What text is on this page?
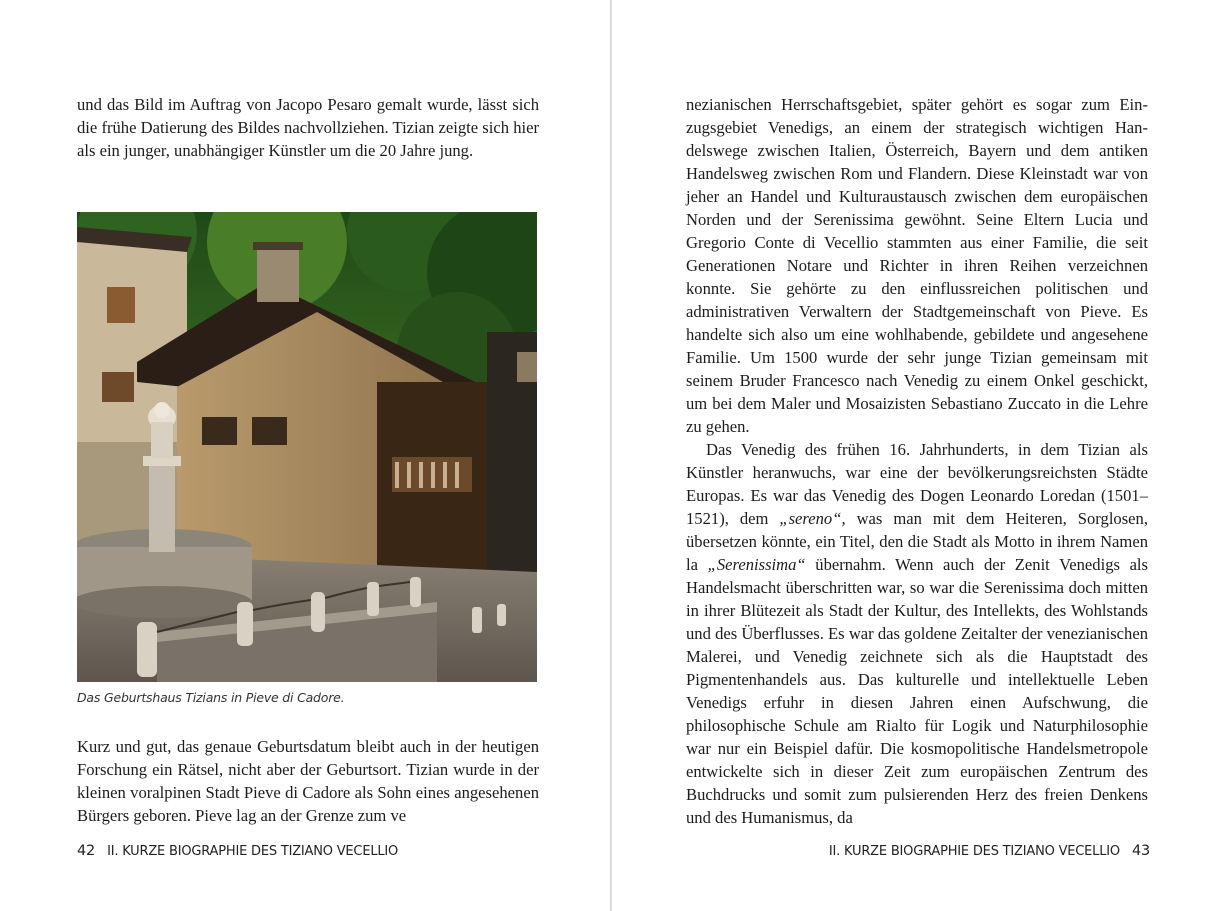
und das Bild im Auftrag von Jacopo Pesaro gemalt wurde, lässt sich die frühe Datierung des Bildes nachvollziehen. Tizian zeigte sich hier als ein junger, unabhängiger Künstler um die 20 Jahre jung.

Das Geburtshaus Tizians in Pieve di Cadore.

Kurz und gut, das genaue Geburtsdatum bleibt auch in der heutigen Forschung ein Rätsel, nicht aber der Geburtsort. Tizian wurde in der kleinen voralpinen Stadt Pieve di Cadore als Sohn eines angesehenen Bürgers geboren. Pieve lag an der Grenze zum ve

42 II. KURZE BIOGRAPHIE DES TIZIANO VECELLIO

nezianischen Herrschaftsgebiet, später gehört es sogar zum Einzugsgebiet Venedigs, an einem der strategisch wichtigen Handelswege zwischen Italien, Österreich, Bayern und dem antiken Handelsweg zwischen Rom und Flandern. Diese Kleinstadt war von jeher an Handel und Kulturaustausch zwischen dem europäischen Norden und der Serenissima gewöhnt. Seine Eltern Lucia und Gregorio Conte di Vecellio stammten aus einer Familie, die seit Generationen Notare und Richter in ihren Reihen verzeichnen konnte. Sie gehörte zu den einflussreichen politischen und administrativen Verwaltern der Stadtgemeinschaft von Pieve. Es handelte sich also um eine wohlhabende, gebildete und angesehene Familie. Um 1500 wurde der sehr junge Tizian gemeinsam mit seinem Bruder Francesco nach Venedig zu einem Onkel geschickt, um bei dem Maler und Mosaizisten Sebastiano Zuccato in die Lehre zu gehen.

Das Venedig des frühen 16. Jahrhunderts, in dem Tizian als Künstler heranwuchs, war eine der bevölkerungsreichsten Städte Europas. Es war das Venedig des Dogen Leonardo Loredan (1501–1521), dem „sereno“, was man mit dem Heiteren, Sorglosen, übersetzen könnte, ein Titel, den die Stadt als Motto in ihrem Namen la „Serenissima“ übernahm. Wenn auch der Zenit Venedigs als Handelsmacht überschritten war, so war die Serenissima doch mitten in ihrer Blütezeit als Stadt der Kultur, des Intellekts, des Wohlstands und des Überflusses. Es war das goldene Zeitalter der venezianischen Malerei, und Venedig zeichnete sich als die Hauptstadt des Pigmentenhandels aus. Das kulturelle und intellektuelle Leben Venedigs erfuhr in diesen Jahren einen Aufschwung, die philosophische Schule am Rialto für Logik und Naturphilosophie war nur ein Beispiel dafür. Die kosmopolitische Handelsmetropole entwickelte sich in dieser Zeit zum europäischen Zentrum des Buchdrucks und somit zum pulsierenden Herz des freien Denkens und des Humanismus, da

II. KURZE BIOGRAPHIE DES TIZIANO VECELLIO 43
